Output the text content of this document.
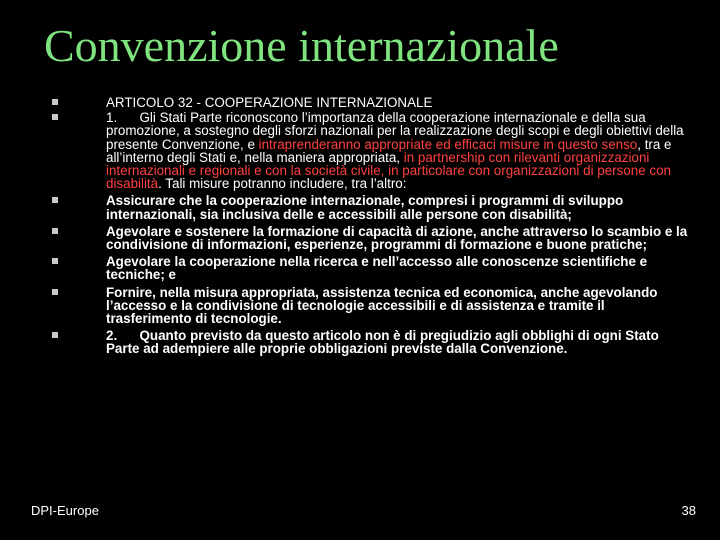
Convenzione internazionale
ARTICOLO 32 - COOPERAZIONE INTERNAZIONALE
1.      Gli Stati Parte riconoscono l’importanza della cooperazione internazionale e della sua promozione, a sostegno degli sforzi nazionali per la realizzazione degli scopi e degli obiettivi della presente Convenzione, e intraprenderanno appropriate ed efficaci misure in questo senso, tra e all’interno degli Stati e, nella maniera appropriata, in partnership con rilevanti organizzazioni internazionali e regionali e con la società civile, in particolare con organizzazioni di persone con disabilità. Tali misure potranno includere, tra l’altro:
Assicurare che la cooperazione internazionale, compresi i programmi di sviluppo internazionali, sia inclusiva delle e accessibili alle persone con disabilità;
Agevolare e sostenere la formazione di capacità di azione, anche attraverso lo scambio e la condivisione di informazioni, esperienze, programmi di formazione e buone pratiche;
Agevolare la cooperazione nella ricerca e nell’accesso alle conoscenze scientifiche e tecniche; e
Fornire, nella misura appropriata, assistenza tecnica ed economica, anche agevolando l’accesso e la condivisione di tecnologie accessibili e di assistenza e tramite il trasferimento di tecnologie.
2.      Quanto previsto da questo articolo non è di pregiudizio agli obblighi di ogni Stato Parte ad adempiere alle proprie obbligazioni previste dalla Convenzione.
DPI-Europe	38
